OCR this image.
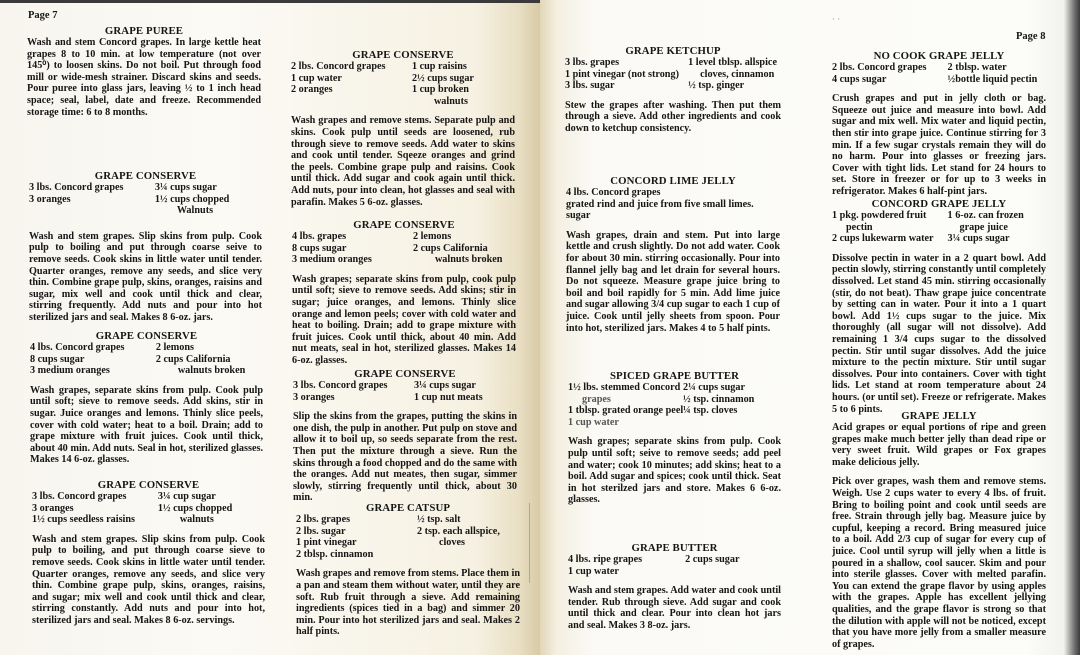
Page 7
GRAPE PUREE

Wash and stem Concord grapes. In large kettle heat grapes 8 to 10 min. at low temperature (not over 145⁰) to loosen skins. Do not boil. Put through food mill or wide-mesh strainer. Discard skins and seeds. Pour puree into glass jars, leaving ½ to 1 inch head space; seal, label, date and freeze. Recommended storage time: 6 to 8 months.

GRAPE CONSERVE
3 lbs. Concord grapes	3¼ cups sugar
3 oranges	1½ cups chopped
Walnuts

Wash and stem grapes. Slip skins from pulp. Cook pulp to boiling and put through coarse seive to remove seeds. Cook skins in little water until tender. Quarter oranges, remove any seeds, and slice very thin. Combine grape pulp, skins, oranges, raisins and sugar, mix well and cook until thick and clear, stirring frequently. Add nuts and pour into hot sterilized jars and seal. Makes 8 6-oz. jars.

GRAPE CONSERVE
4 lbs. Concord grapes	2 lemons
8 cups sugar	2 cups California
3 medium oranges	walnuts broken

Wash grapes, separate skins from pulp. Cook pulp until soft; sieve to remove seeds. Add skins, stir in sugar. Juice oranges and lemons. Thinly slice peels, cover with cold water; heat to a boil. Drain; add to grape mixture with fruit juices. Cook until thick, about 40 min. Add nuts. Seal in hot, sterilized glasses. Makes 14 6-oz. glasses.

GRAPE CONSERVE
3 lbs. Concord grapes	3¼ cup sugar
3 oranges	1½ cups chopped
1½ cups seedless raisins	walnuts

Wash and stem grapes. Slip skins from pulp. Cook pulp to boiling, and put through coarse sieve to remove seeds. Cook skins in little water until tender. Quarter oranges, remove any seeds, and slice very thin. Combine grape pulp, skins, oranges, raisins, and sugar; mix well and cook until thick and clear, stirring constantly. Add nuts and pour into hot, sterilized jars and seal. Makes 8 6-oz. servings.

GRAPE CONSERVE
2 lbs. Concord grapes	1 cup raisins
1 cup water	2½ cups sugar
2 oranges	1 cup broken
walnuts

Wash grapes and remove stems. Separate pulp and skins. Cook pulp until seeds are loosened, rub through sieve to remove seeds. Add water to skins and cook until tender. Sqeeze oranges and grind the peels. Combine grape pulp and raisins. Cook until thick. Add sugar and cook again until thick. Add nuts, pour into clean, hot glasses and seal with parafin. Makes 5 6-oz. glasses.

GRAPE CONSERVE
4 lbs. grapes	2 lemons
8 cups sugar	2 cups California
3 medium oranges	walnuts broken

Wash grapes; separate skins from pulp, cook pulp until soft; sieve to remove seeds. Add skins; stir in sugar; juice oranges, and lemons. Thinly slice orange and lemon peels; cover with cold water and heat to boiling. Drain; add to grape mixture with fruit juices. Cook until thick, about 40 min. Add nut meats, seal in hot, sterilized glasses. Makes 14 6-oz. glasses.

GRAPE CONSERVE
3 lbs. Concord grapes	3¼ cups sugar
3 oranges	1 cup nut meats

Slip the skins from the grapes, putting the skins in one dish, the pulp in another. Put pulp on stove and allow it to boil up, so seeds separate from the rest. Then put the mixture through a sieve. Run the skins through a food chopped and do the same with the oranges. Add nut meates, then sugar, simmer slowly, stirring frequently until thick, about 30 min.

GRAPE CATSUP
2 lbs. grapes	½ tsp. salt
2 lbs. sugar	2 tsp. each allspice,
1 pint vinegar	cloves
2 tblsp. cinnamon

Wash grapes and remove from stems. Place them in a pan and steam them without water, until they are soft. Rub fruit through a sieve. Add remaining ingredients (spices tied in a bag) and simmer 20 min. Pour into hot sterilized jars and seal. Makes 2 half pints.

Page 8
· ·
GRAPE KETCHUP
3 lbs. grapes	1 level tblsp. allspice
1 pint vinegar (not strong)	cloves, cinnamon
3 lbs. sugar	½ tsp. ginger

Stew the grapes after washing. Then put them through a sieve. Add other ingredients and cook down to ketchup consistency.

CONCORD LIME JELLY
4 lbs. Concord grapes
grated rind and juice from five small limes.
sugar

Wash grapes, drain and stem. Put into large kettle and crush slightly. Do not add water. Cook for about 30 min. stirring occasionally. Pour into flannel jelly bag and let drain for several hours. Do not squeeze. Measure grape juice bring to boil and boil rapidly for 5 min. Add lime juice and sugar allowing 3/4 cup sugar to each 1 cup of juice. Cook until jelly sheets from spoon. Pour into hot, sterilized jars. Makes 4 to 5 half pints.

SPICED GRAPE BUTTER
1½ lbs. stemmed Concord 2¼ cups sugar
grapes	½ tsp. cinnamon
1 tblsp. grated orange peel ¼ tsp. cloves
1 cup water

Wash grapes; separate skins from pulp. Cook pulp until soft; seive to remove seeds; add peel and water; cook 10 minutes; add skins; heat to a boil. Add sugar and spices; cook until thick. Seat in hot sterilzed jars and store. Makes 6 6-oz. glasses.

GRAPE BUTTER
4 lbs. ripe grapes	2 cups sugar
1 cup water

Wash and stem grapes. Add water and cook until tender. Rub through sieve. Add sugar and cook until thick and clear. Pour into clean hot jars and seal. Makes 3 8-oz. jars.

NO COOK GRAPE JELLY
2 lbs. Concord grapes	2 tblsp. water
4 cups sugar	½bottle liquid pectin

Crush grapes and put in jelly cloth or bag. Squeeze out juice and measure into bowl. Add sugar and mix well. Mix water and liquid pectin, then stir into grape juice. Continue stirring for 3 min. If a few sugar crystals remain they will do no harm. Pour into glasses or freezing jars. Cover with tight lids. Let stand for 24 hours to set. Store in freezer or for up to 3 weeks in refrigerator. Makes 6 half-pint jars.

CONCORD GRAPE JELLY
1 pkg. powdered fruit	1 6-oz. can frozen
pectin	grape juice
2 cups lukewarm water	3¼ cups sugar

Dissolve pectin in water in a 2 quart bowl. Add pectin slowly, stirring constantly until completely dissolved. Let stand 45 min. stirring occasionally (stir, do not beat). Thaw grape juice concentrate by setting can in water. Pour it into a 1 quart bowl. Add 1½ cups sugar to the juice. Mix thoroughly (all sugar will not dissolve). Add remaining 1 3/4 cups sugar to the dissolved pectin. Stir until sugar dissolves. Add the juice mixture to the pectin mixture. Stir until sugar dissolves. Pour into containers. Cover with tight lids. Let stand at room temperature about 24 hours. (or until set). Freeze or refrigerate. Makes 5 to 6 pints.

GRAPE JELLY

Acid grapes or equal portions of ripe and green grapes make much better jelly than dead ripe or very sweet fruit. Wild grapes or Fox grapes make delicious jelly.

Pick over grapes, wash them and remove stems. Weigh. Use 2 cups water to every 4 lbs. of fruit. Bring to boiling point and cook until seeds are free. Strain through jelly bag. Measure juice by cupful, keeping a record. Bring measured juice to a boil. Add 2/3 cup of sugar for every cup of juice. Cool until syrup will jelly when a little is poured in a shallow, cool saucer. Skim and pour into sterile glasses. Cover with melted parafin. You can extend the grape flavor by using apples with the grapes. Apple has excellent jellying qualities, and the grape flavor is strong so that the dilution with apple will not be noticed, except that you have more jelly from a smaller measure of grapes.
